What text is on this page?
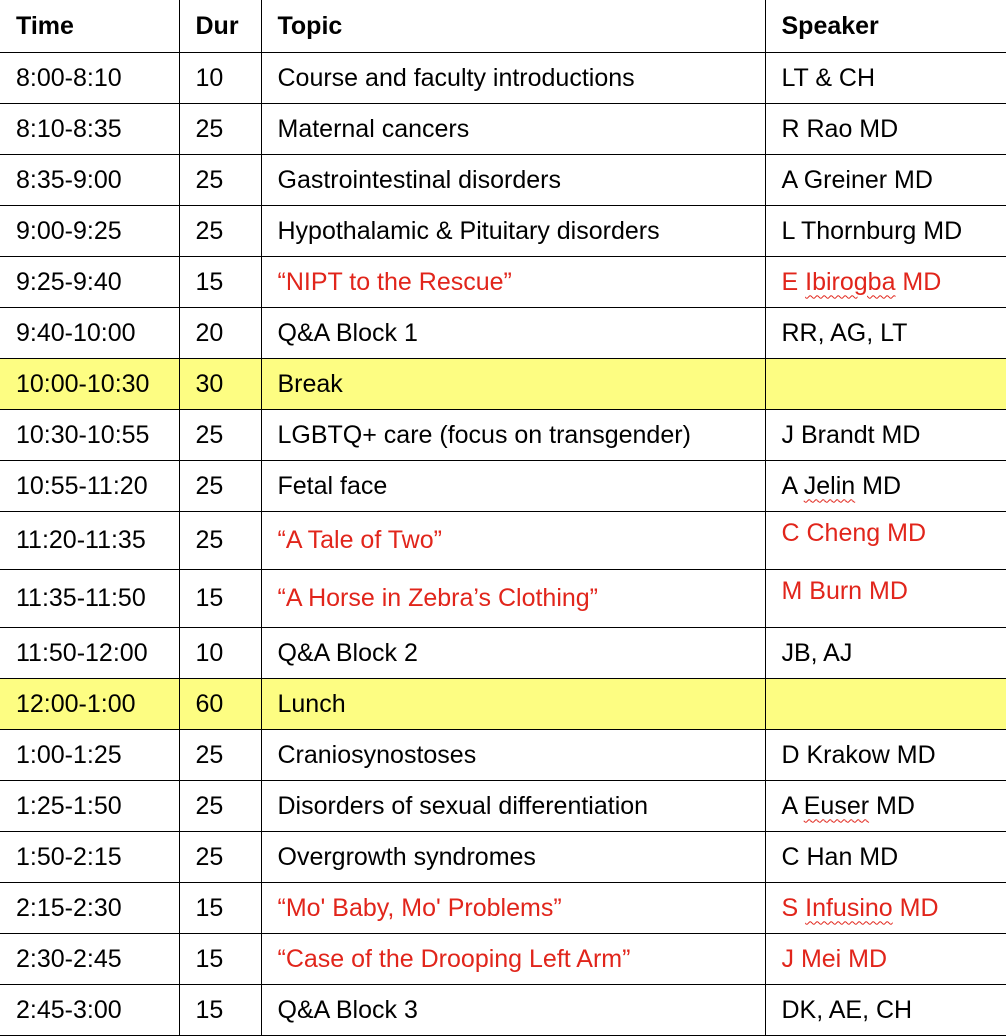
Time	Dur	Topic	Speaker
8:00-8:10	10	Course and faculty introductions	LT & CH
8:10-8:35	25	Maternal cancers	R Rao MD
8:35-9:00	25	Gastrointestinal disorders	A Greiner MD
9:00-9:25	25	Hypothalamic & Pituitary disorders	L Thornburg MD
9:25-9:40	15	“NIPT to the Rescue”	E Ibirogba MD
9:40-10:00	20	Q&A Block 1	RR, AG, LT
10:00-10:30	30	Break	
10:30-10:55	25	LGBTQ+ care (focus on transgender)	J Brandt MD
10:55-11:20	25	Fetal face	A Jelin MD
11:20-11:35	25	“A Tale of Two”	C Cheng MD
11:35-11:50	15	“A Horse in Zebra’s Clothing”	M Burn MD
11:50-12:00	10	Q&A Block 2	JB, AJ
12:00-1:00	60	Lunch	
1:00-1:25	25	Craniosynostoses	D Krakow MD
1:25-1:50	25	Disorders of sexual differentiation	A Euser MD
1:50-2:15	25	Overgrowth syndromes	C Han MD
2:15-2:30	15	“Mo' Baby, Mo' Problems”	S Infusino MD
2:30-2:45	15	“Case of the Drooping Left Arm”	J Mei MD
2:45-3:00	15	Q&A Block 3	DK, AE, CH
